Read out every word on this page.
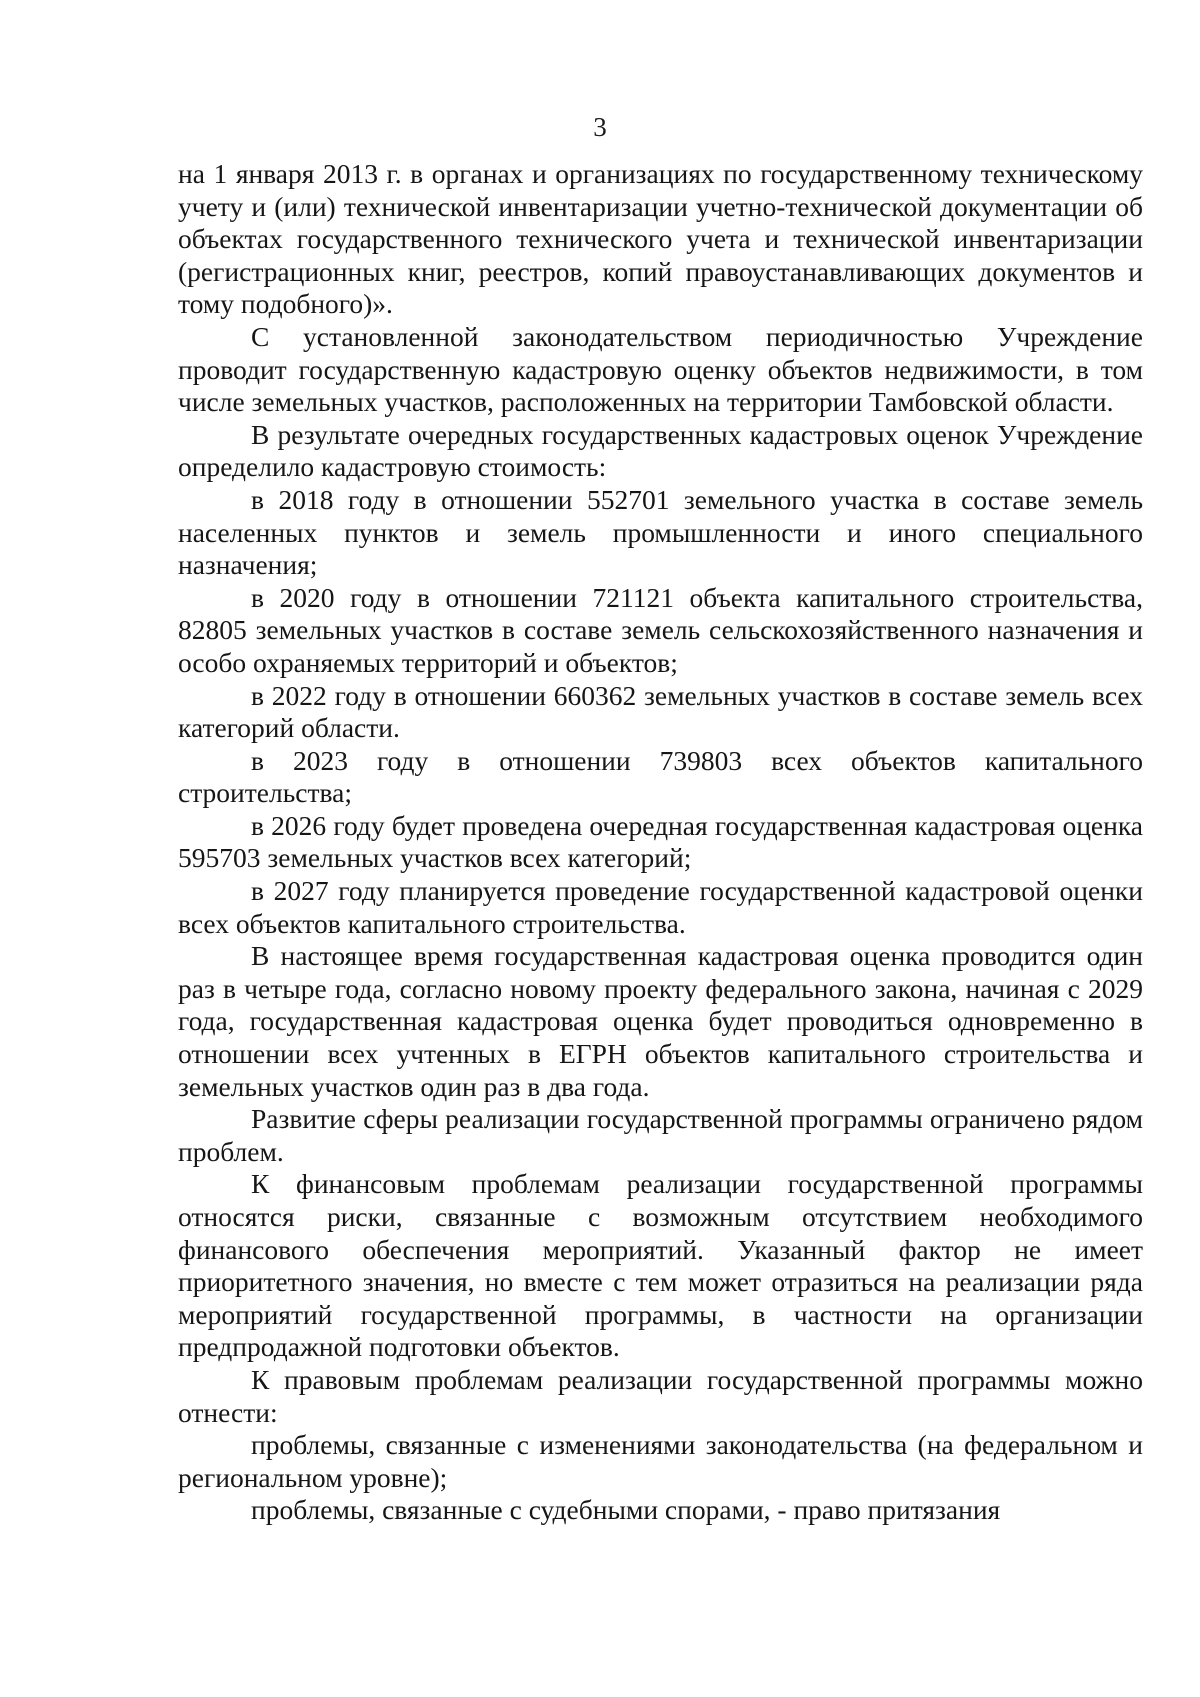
3

на 1 января 2013 г. в органах и организациях по государственному техническому учету и (или) технической инвентаризации учетно-технической документации об объектах государственного технического учета и технической инвентаризации (регистрационных книг, реестров, копий правоустанавливающих документов и тому подобного)».

С установленной законодательством периодичностью Учреждение проводит государственную кадастровую оценку объектов недвижимости, в том числе земельных участков, расположенных на территории Тамбовской области.

В результате очередных государственных кадастровых оценок Учреждение определило кадастровую стоимость:

в 2018 году в отношении 552701 земельного участка в составе земель населенных пунктов и земель промышленности и иного специального назначения;

в 2020 году в отношении 721121 объекта капитального строительства, 82805 земельных участков в составе земель сельскохозяйственного назначения и особо охраняемых территорий и объектов;

в 2022 году в отношении 660362 земельных участков в составе земель всех категорий области.

в 2023 году в отношении 739803 всех объектов капитального строительства;

в 2026 году будет проведена очередная государственная кадастровая оценка 595703 земельных участков всех категорий;

в 2027 году планируется проведение государственной кадастровой оценки всех объектов капитального строительства.

В настоящее время государственная кадастровая оценка проводится один раз в четыре года, согласно новому проекту федерального закона, начиная с 2029 года, государственная кадастровая оценка будет проводиться одновременно в отношении всех учтенных в ЕГРН объектов капитального строительства и земельных участков один раз в два года.

Развитие сферы реализации государственной программы ограничено рядом проблем.

К финансовым проблемам реализации государственной программы относятся риски, связанные с возможным отсутствием необходимого финансового обеспечения мероприятий. Указанный фактор не имеет приоритетного значения, но вместе с тем может отразиться на реализации ряда мероприятий государственной программы, в частности на организации предпродажной подготовки объектов.

К правовым проблемам реализации государственной программы можно отнести:

проблемы, связанные с изменениями законодательства (на федеральном и региональном уровне);

проблемы, связанные с судебными спорами, - право притязания
